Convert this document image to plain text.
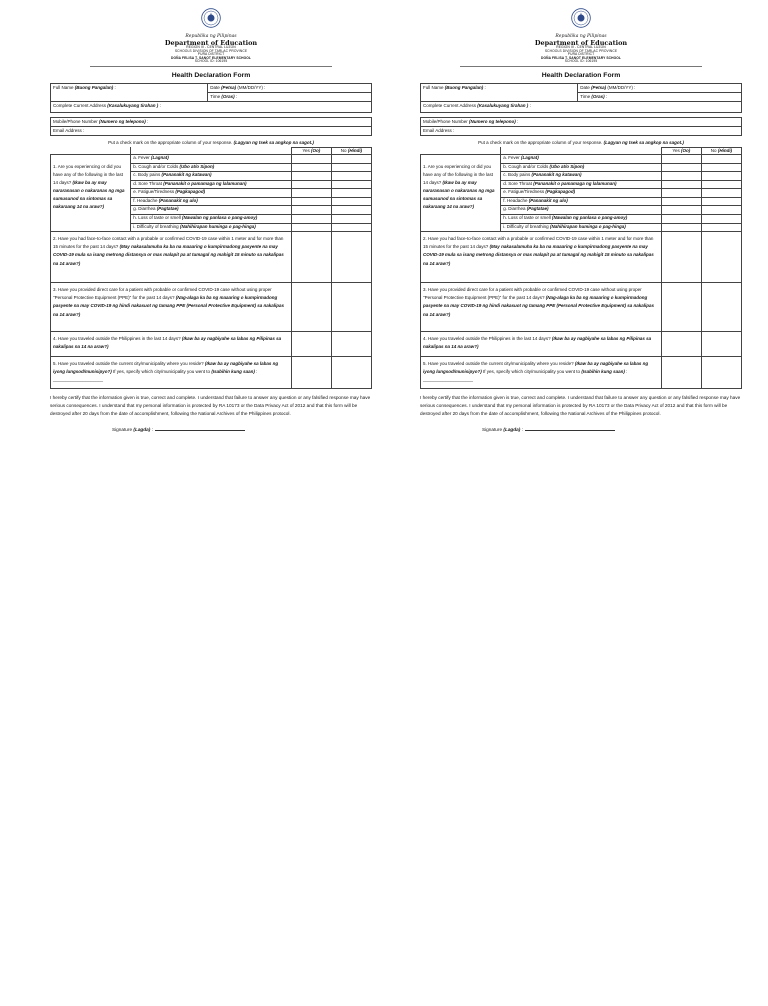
Republika ng Pilipinas
Department of Education
REGION III - CENTRAL LUZON
SCHOOLS DIVISION OF TARLAC PROVINCE
PURA DISTRICT
DOÑA FELISA T. SANOT ELEMENTARY SCHOOL
SCHOOL ID: 106195
Health Declaration Form
Full Name (Buong Pangalan) :	Date (Petsa) (MM/DD/YY) :
Time (Oras) :
Complete Current Address (Kasalukuyang tirahan ) :
Mobile/Phone Number (Numero ng telepono) :
Email Address :
Put a check mark on the appropriate column of your response. (Lagyan ng tsek sa angkop na sagot.)
		Yes (Oo)	No (Hindi)
1. Are you experiencing or did you have any of the following in the last 14 days? (Ikaw ba ay may nararanasan o nakaranas ng mga sumusunod na sintomas sa nakaraang 14 na araw?)	a. Fever (Lagnat)		
	b. Cough and/or Colds (Ubo at/o Sipon)		
	c. Body pains (Pananakit ng katawan)		
	d. Sore Throat (Pananakit o pamamaga ng lalamunan)		
	e. Fatigue/Tiredness (Pagkapagod)		
	f. Headache (Pananakit ng ulo)		
	g. Diarrhea (Pagtatae)		
	h. Loss of taste or smell (Nawalan ng panlasa o pang-amoy)		
	i. Difficulty of breathing (Nahihirapan huminga o pag-hinga)		
2. Have you had face-to-face contact with a probable or confirmed COVID-19 case within 1 meter and for more than 15 minutes for the past 14 days? (May nakasalamuha ka ba na maaaring o kumpirmadong pasyente na may COVID-19 mula sa isang metrong distansya or mas malapit pa at tumagal ng mahigit 15 minuto sa nakalipas na 14 araw?)			
3. Have you provided direct care for a patient with probable or confirmed COVID-19 case without using proper "Personal Protective Equipment (PPE)" for the past 14 days? (Nag-alaga ka ba ng maaaring o kumpirmadong pasyente na may COVID-19 ng hindi nakasuot ng tamang PPE (Personal Protective Equipment) sa nakalipas na 14 araw?)			
4. Have you traveled outside the Philippines in the last 14 days? (Ikaw ba ay nagbiyahe sa labas ng Pilipinas sa nakalipas na 14 na araw?)			
5. Have you traveled outside the current city/municipality where you reside? (Ikaw ba ay nagbiyahe sa labas ng iyong lungsod/munisipyo?) If yes, specify which city/municipality you went to (Isabihin kung saan) : ____________________			
I hereby certify that the information given is true, correct and complete. I understand that failure to answer any question or any falsified response may have serious consequences. I understand that my personal information is protected by RA 10173 or the Data Privacy Act of 2012 and that this form will be destroyed after 20 days from the date of accomplishment, following the National Archives of the Philippines protocol.
Signature (Lagda) :
Republika ng Pilipinas
Department of Education
REGION III - CENTRAL LUZON
SCHOOLS DIVISION OF TARLAC PROVINCE
PURA DISTRICT
DOÑA FELISA T. SANOT ELEMENTARY SCHOOL
SCHOOL ID: 106195
Health Declaration Form
Full Name (Buong Pangalan) :	Date (Petsa) (MM/DD/YY) :
Time (Oras) :
Complete Current Address (Kasalukuyang tirahan ) :
Mobile/Phone Number (Numero ng telepono) :
Email Address :
Put a check mark on the appropriate column of your response. (Lagyan ng tsek sa angkop na sagot.)
		Yes (Oo)	No (Hindi)
1. Are you experiencing or did you have any of the following in the last 14 days? (Ikaw ba ay may nararanasan o nakaranas ng mga sumusunod na sintomas sa nakaraang 14 na araw?)	a. Fever (Lagnat)		
	b. Cough and/or Colds (Ubo at/o Sipon)		
	c. Body pains (Pananakit ng katawan)		
	d. Sore Throat (Pananakit o pamamaga ng lalamunan)		
	e. Fatigue/Tiredness (Pagkapagod)		
	f. Headache (Pananakit ng ulo)		
	g. Diarrhea (Pagtatae)		
	h. Loss of taste or smell (Nawalan ng panlasa o pang-amoy)		
	i. Difficulty of breathing (Nahihirapan huminga o pag-hinga)		
2. Have you had face-to-face contact with a probable or confirmed COVID-19 case within 1 meter and for more than 15 minutes for the past 14 days? (May nakasalamuha ka ba na maaaring o kumpirmadong pasyente na may COVID-19 mula sa isang metrong distansya or mas malapit pa at tumagal ng mahigit 15 minuto sa nakalipas na 14 araw?)			
3. Have you provided direct care for a patient with probable or confirmed COVID-19 case without using proper "Personal Protective Equipment (PPE)" for the past 14 days? (Nag-alaga ka ba ng maaaring o kumpirmadong pasyente na may COVID-19 ng hindi nakasuot ng tamang PPE (Personal Protective Equipment) sa nakalipas na 14 araw?)			
4. Have you traveled outside the Philippines in the last 14 days? (Ikaw ba ay nagbiyahe sa labas ng Pilipinas sa nakalipas na 14 na araw?)			
5. Have you traveled outside the current city/municipality where you reside? (Ikaw ba ay nagbiyahe sa labas ng iyong lungsod/munisipyo?) If yes, specify which city/municipality you went to (Isabihin kung saan) : ____________________			
I hereby certify that the information given is true, correct and complete. I understand that failure to answer any question or any falsified response may have serious consequences. I understand that my personal information is protected by RA 10173 or the Data Privacy Act of 2012 and that this form will be destroyed after 20 days from the date of accomplishment, following the National Archives of the Philippines protocol.
Signature (Lagda) :
